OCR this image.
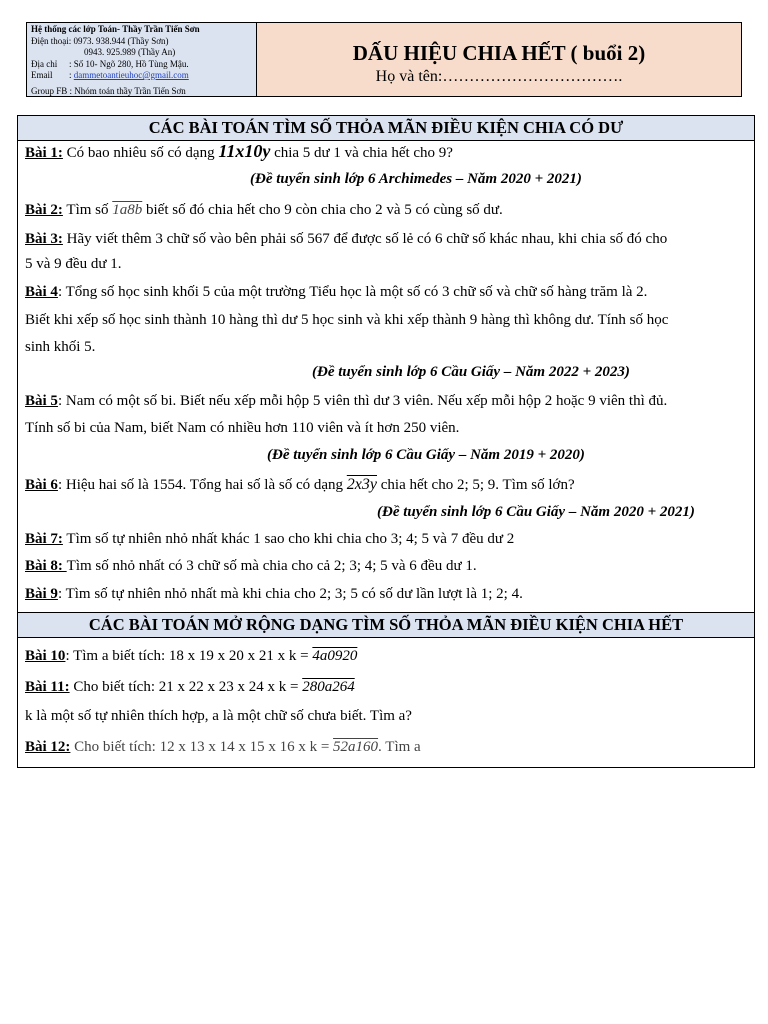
Hệ thống các lớp Toán- Thầy Trần Tiến Sơn
Điện thoại:
0973. 938.944 (Thầy Sơn)
0943. 925.989 (Thầy An)
Địa chỉ	: Số 10- Ngõ 280, Hồ Tùng Mậu.
Email	:
dammetoantieuhoc@gmail.com
Group FB : Nhóm toán thầy Trần Tiến Sơn
DẤU HIỆU CHIA HẾT ( buổi 2)
Họ và tên:…………………………….
CÁC BÀI TOÁN TÌM SỐ THỎA MÃN ĐIỀU KIỆN CHIA CÓ DƯ
Bài 1: Có bao nhiêu số có dạng 11x10y chia 5 dư 1 và chia hết cho 9?
(Đề tuyển sinh lớp 6 Archimedes – Năm 2020 + 2021)
Bài 2: Tìm số 1a8b biết số đó chia hết cho 9 còn chia cho 2 và 5 có cùng số dư.
Bài 3: Hãy viết thêm 3 chữ số vào bên phải số 567 để được số lẻ có 6 chữ số khác nhau, khi chia số đó cho
5 và 9 đều dư 1.
Bài 4: Tổng số học sinh khối 5 của một trường Tiểu học là một số có 3 chữ số và chữ số hàng trăm là 2.
Biết khi xếp số học sinh thành 10 hàng thì dư 5 học sinh và khi xếp thành 9 hàng thì không dư. Tính số học
sinh khối 5.
(Đề tuyển sinh lớp 6 Cầu Giấy – Năm 2022 + 2023)
Bài 5: Nam có một số bi. Biết nếu xếp mỗi hộp 5 viên thì dư 3 viên. Nếu xếp mỗi hộp 2 hoặc 9 viên thì đủ.
Tính số bi của Nam, biết Nam có nhiều hơn 110 viên và ít hơn 250 viên.
(Đề tuyển sinh lớp 6 Cầu Giấy – Năm 2019 + 2020)
Bài 6: Hiệu hai số là 1554. Tổng hai số là số có dạng 2x3y chia hết cho 2; 5; 9. Tìm số lớn?
(Đề tuyển sinh lớp 6 Cầu Giấy – Năm 2020 + 2021)
Bài 7: Tìm số tự nhiên nhỏ nhất khác 1 sao cho khi chia cho 3; 4; 5 và 7 đều dư 2
Bài 8: Tìm số nhỏ nhất có 3 chữ số mà chia cho cả 2; 3; 4; 5 và 6 đều dư 1.
Bài 9: Tìm số tự nhiên nhỏ nhất mà khi chia cho 2; 3; 5 có số dư lần lượt là 1; 2; 4.
CÁC BÀI TOÁN MỞ RỘNG DẠNG TÌM SỐ THỎA MÃN ĐIỀU KIỆN CHIA HẾT
Bài 10: Tìm a biết tích: 18 x 19 x 20 x 21 x k = 4a0920
Bài 11: Cho biết tích: 21 x 22 x 23 x 24 x k = 280a264
k là một số tự nhiên thích hợp, a là một chữ số chưa biết. Tìm a?
Bài 12: Cho biết tích: 12 x 13 x 14 x 15 x 16 x k = 52a160. Tìm a
